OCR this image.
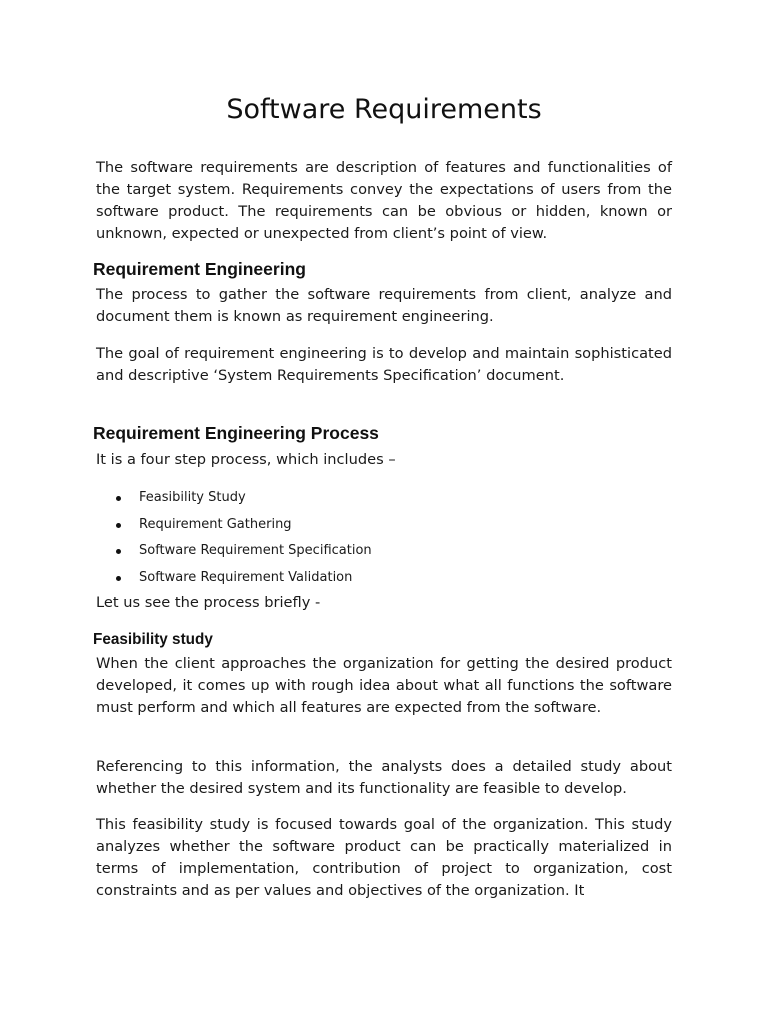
Software Requirements

The software requirements are description of features and functionalities of the target system. Requirements convey the expectations of users from the software product. The requirements can be obvious or hidden, known or unknown, expected or unexpected from client’s point of view.

Requirement Engineering

The process to gather the software requirements from client, analyze and document them is known as requirement engineering.

The goal of requirement engineering is to develop and maintain sophisticated and descriptive ‘System Requirements Specification’ document.

Requirement Engineering Process

It is a four step process, which includes –

Feasibility Study
Requirement Gathering
Software Requirement Specification
Software Requirement Validation

Let us see the process briefly -

Feasibility study

When the client approaches the organization for getting the desired product developed, it comes up with rough idea about what all functions the software must perform and which all features are expected from the software.

Referencing to this information, the analysts does a detailed study about whether the desired system and its functionality are feasible to develop.

This feasibility study is focused towards goal of the organization. This study analyzes whether the software product can be practically materialized in terms of implementation, contribution of project to organization, cost constraints and as per values and objectives of the organization. It
